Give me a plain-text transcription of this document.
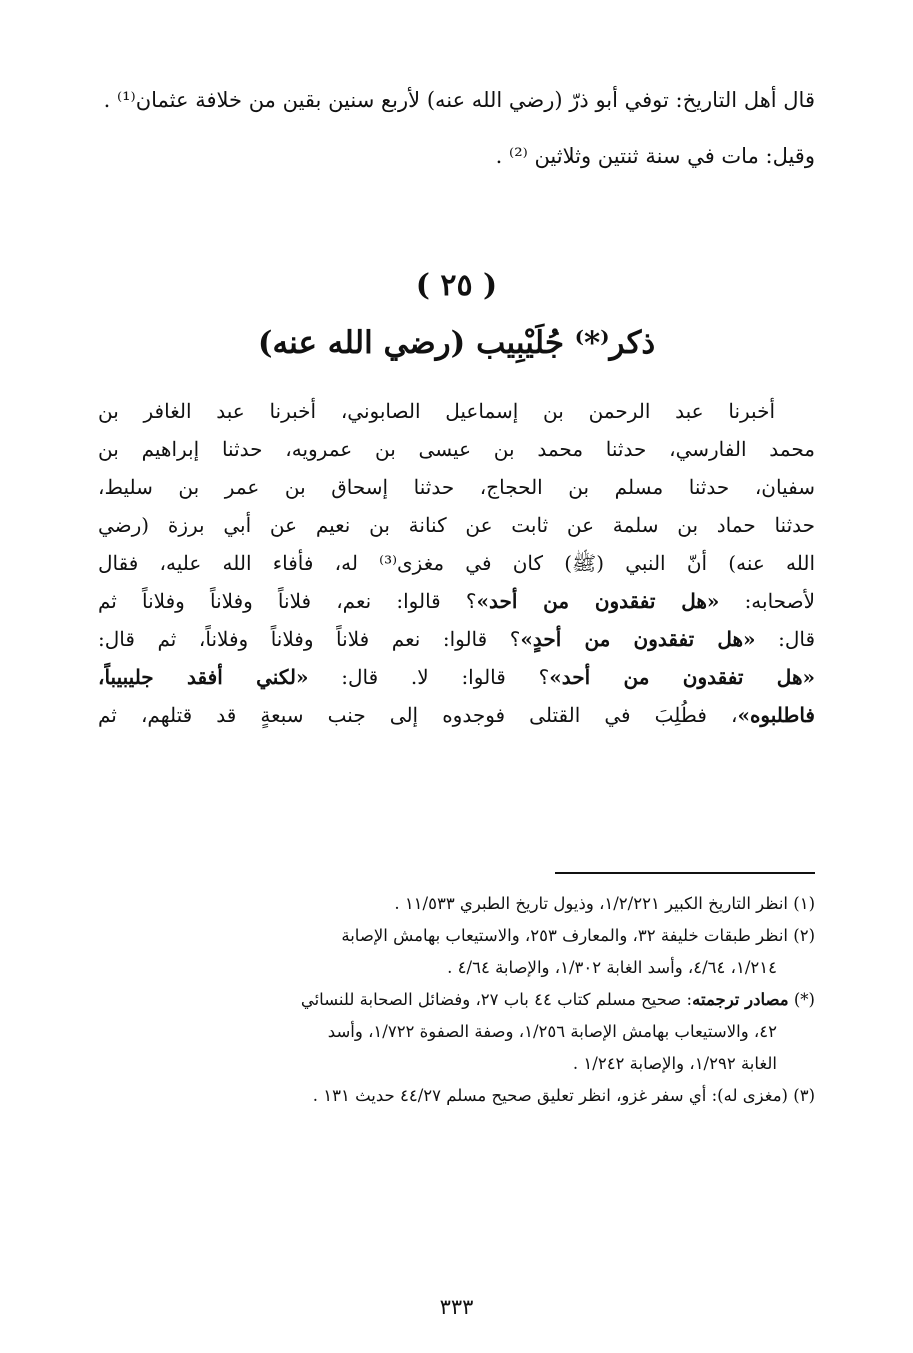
قال أهل التاريخ: توفي أبو ذرّ (رضي الله عنه) لأربع سنين بقين من خلافة عثمان⁽¹⁾ .

وقيل: مات في سنة ثنتين وثلاثين ⁽²⁾ .

( ٢٥ )
ذكر⁽*⁾ جُلَيْبِيب (رضي الله عنه)

أخبرنا عبد الرحمن بن إسماعيل الصابوني، أخبرنا عبد الغافر بن

محمد الفارسي، حدثنا محمد بن عيسى بن عمرويه، حدثنا إبراهيم بن

سفيان، حدثنا مسلم بن الحجاج، حدثنا إسحاق بن عمر بن سليط،

حدثنا حماد بن سلمة عن ثابت عن كنانة بن نعيم عن أبي برزة (رضي

الله عنه) أنّ النبي (ﷺ) كان في مغزى⁽³⁾ له، فأفاء الله عليه، فقال

لأصحابه: «هل تفقدون من أحد»؟ قالوا: نعم، فلاناً وفلاناً وفلاناً ثم

قال: «هل تفقدون من أحدٍ»؟ قالوا: نعم فلاناً وفلاناً وفلاناً، ثم قال:

«هل تفقدون من أحد»؟ قالوا: لا. قال: «لكني أفقد جليبيباً،

فاطلبوه»، فطُلِبَ في القتلى فوجدوه إلى جنب سبعةٍ قد قتلهم، ثم

(١) انظر التاريخ الكبير ١/٢/٢٢١، وذيول تاريخ الطبري ١١/٥٣٣ .

(٢) انظر طبقات خليفة ٣٢، والمعارف ٢٥٣، والاستيعاب بهامش الإصابة

١/٢١٤، ٤/٦٤، وأسد الغابة ١/٣٠٢، والإصابة ٤/٦٤ .

(*) مصادر ترجمته: صحيح مسلم كتاب ٤٤ باب ٢٧، وفضائل الصحابة للنسائي

٤٢، والاستيعاب بهامش الإصابة ١/٢٥٦، وصفة الصفوة ١/٧٢٢، وأسد

الغابة ١/٢٩٢، والإصابة ١/٢٤٢ .

(٣) (مغزى له): أي سفر غزو، انظر تعليق صحيح مسلم ٤٤/٢٧ حديث ١٣١ .

٣٣٣
